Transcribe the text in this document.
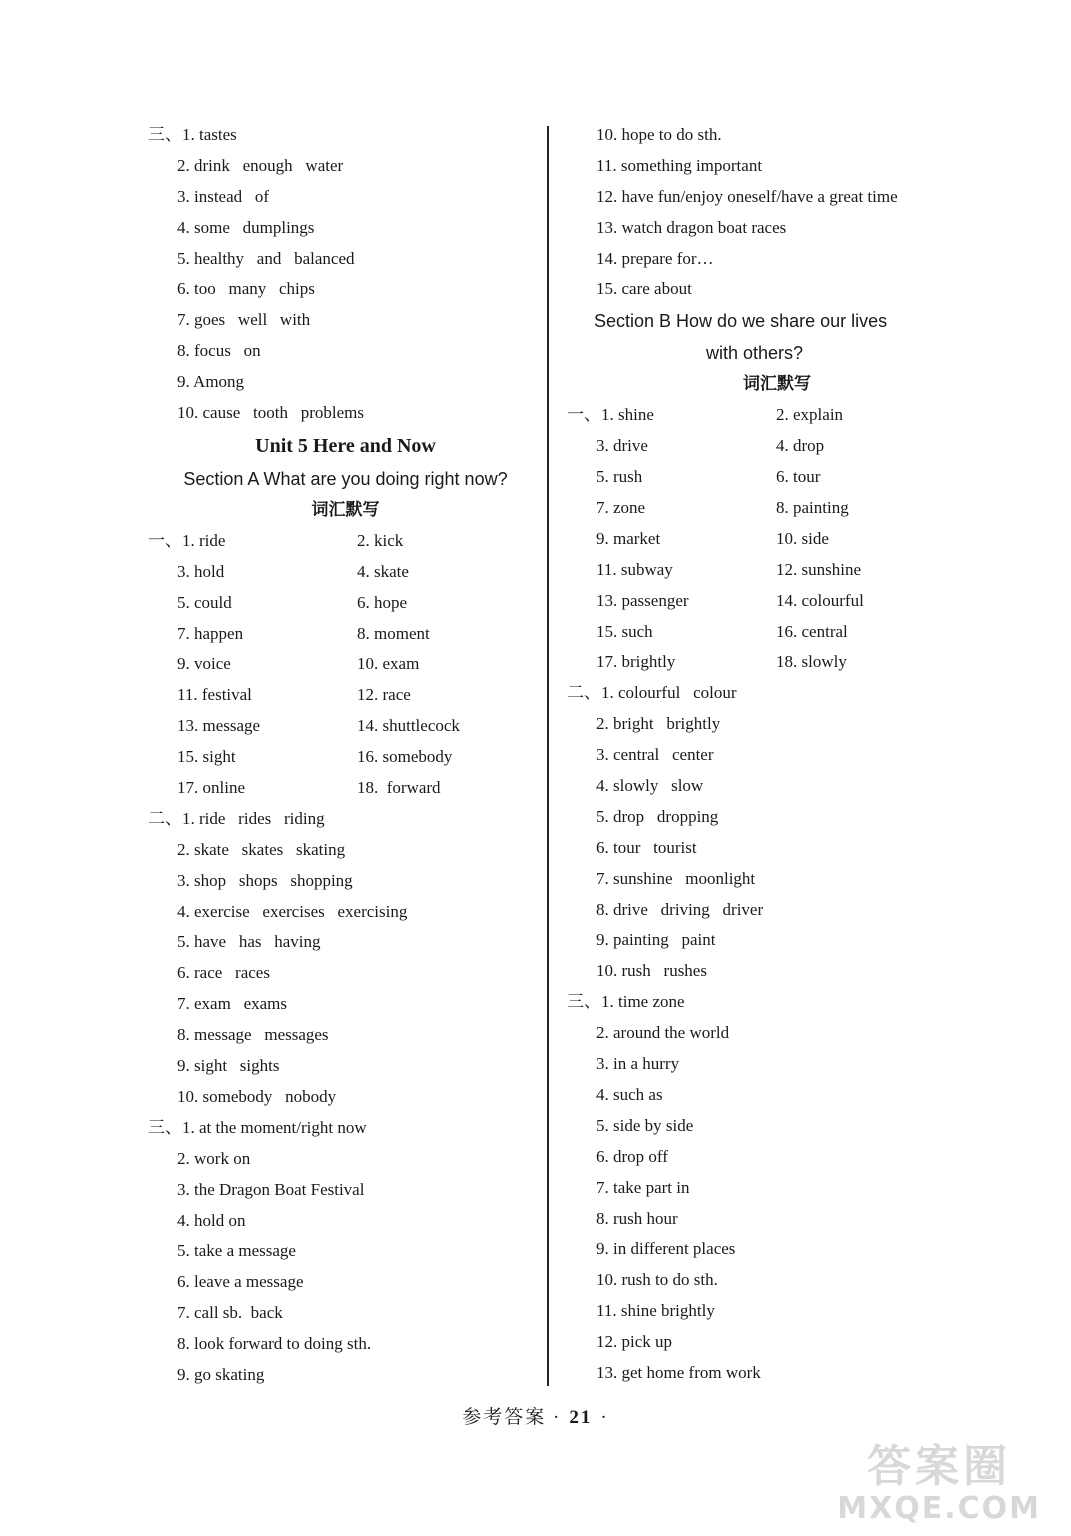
三、1. tastes
2. drink   enough   water
3. instead   of
4. some   dumplings
5. healthy   and   balanced
6. too   many   chips
7. goes   well   with
8. focus   on
9. Among
10. cause   tooth   problems
Unit 5 Here and Now
Section A What are you doing right now?
词汇默写
一、1. ride	2. kick
3. hold	4. skate
5. could	6. hope
7. happen	8. moment
9. voice	10. exam
11. festival	12. race
13. message	14. shuttlecock
15. sight	16. somebody
17. online	18.  forward
二、1. ride   rides   riding
2. skate   skates   skating
3. shop   shops   shopping
4. exercise   exercises   exercising
5. have   has   having
6. race   races
7. exam   exams
8. message   messages
9. sight   sights
10. somebody   nobody
三、1. at the moment/right now
2. work on
3. the Dragon Boat Festival
4. hold on
5. take a message
6. leave a message
7. call sb.  back
8. look forward to doing sth.
9. go skating
10. hope to do sth.
11. something important
12. have fun/enjoy oneself/have a great time
13. watch dragon boat races
14. prepare for…
15. care about
Section B How do we share our lives
with others?
词汇默写
一、1. shine	2. explain
3. drive	4. drop
5. rush	6. tour
7. zone	8. painting
9. market	10. side
11. subway	12. sunshine
13. passenger	14. colourful
15. such	16. central
17. brightly	18. slowly
二、1. colourful   colour
2. bright   brightly
3. central   center
4. slowly   slow
5. drop   dropping
6. tour   tourist
7. sunshine   moonlight
8. drive   driving   driver
9. painting   paint
10. rush   rushes
三、1. time zone
2. around the world
3. in a hurry
4. such as
5. side by side
6. drop off
7. take part in
8. rush hour
9. in different places
10. rush to do sth.
11. shine brightly
12. pick up
13. get home from work
参考答案 · 21 ·
答案圈
MXQE.COM
